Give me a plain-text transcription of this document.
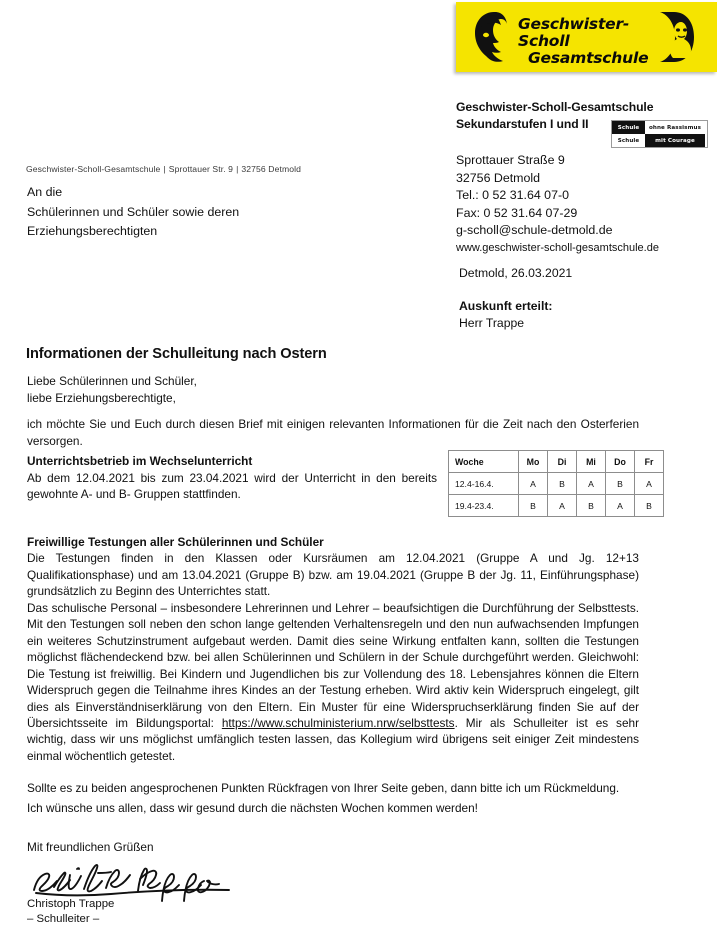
Geschwister-Scholl
Gesamtschule
Geschwister-Scholl-Gesamtschule
Sekundarstufen I und II	Schule	ohne Rassismus
Schule	mit Courage
Sprottauer Straße 9
32756 Detmold
Tel.: 0 52 31.64 07-0
Fax: 0 52 31.64 07-29
g-scholl@schule-detmold.de
www.geschwister-scholl-gesamtschule.de
Detmold, 26.03.2021
Auskunft erteilt:
Herr Trappe
Geschwister-Scholl-Gesamtschule | Sprottauer Str. 9 | 32756 Detmold
An die
Schülerinnen und Schüler sowie deren
Erziehungsberechtigten
Informationen der Schulleitung nach Ostern
Liebe Schülerinnen und Schüler,
liebe Erziehungsberechtigte,
ich möchte Sie und Euch durch diesen Brief mit einigen relevanten Informationen für die Zeit nach den Osterferien versorgen.
Unterrichtsbetrieb im Wechselunterricht
Ab dem 12.04.2021 bis zum 23.04.2021 wird der Unterricht in den bereits gewohnte A- und B- Gruppen stattfinden.
Woche	Mo	Di	Mi	Do	Fr
12.4-16.4.	A	B	A	B	A
19.4-23.4.	B	A	B	A	B
Freiwillige Testungen aller Schülerinnen und Schüler

Die Testungen finden in den Klassen oder Kursräumen am 12.04.2021 (Gruppe A und Jg. 12+13 Qualifikationsphase) und am 13.04.2021 (Gruppe B) bzw. am 19.04.2021 (Gruppe B der Jg. 11, Einführungsphase) grundsätzlich zu Beginn des Unterrichtes statt.

Das schulische Personal – insbesondere Lehrerinnen und Lehrer – beaufsichtigen die Durchführung der Selbsttests. Mit den Testungen soll neben den schon lange geltenden Verhaltensregeln und den nun aufwachsenden Impfungen ein weiteres Schutzinstrument aufgebaut werden. Damit dies seine Wirkung entfalten kann, sollten die Testungen möglichst flächendeckend bzw. bei allen Schülerinnen und Schülern in der Schule durchgeführt werden. Gleichwohl: Die Testung ist freiwillig. Bei Kindern und Jugendlichen bis zur Vollendung des 18. Lebensjahres können die Eltern Widerspruch gegen die Teilnahme ihres Kindes an der Testung erheben. Wird aktiv kein Widerspruch eingelegt, gilt dies als Einverständniserklärung von den Eltern. Ein Muster für eine Widerspruchserklärung finden Sie auf der Übersichtsseite im Bildungsportal: https://www.schulministerium.nrw/selbsttests. Mir als Schulleiter ist es sehr wichtig, dass wir uns möglichst umfänglich testen lassen, das Kollegium wird übrigens seit einiger Zeit mindestens einmal wöchentlich getestet.

Sollte es zu beiden angesprochenen Punkten Rückfragen von Ihrer Seite geben, dann bitte ich um Rückmeldung.
Ich wünsche uns allen, dass wir gesund durch die nächsten Wochen kommen werden!
Mit freundlichen Grüßen
Christoph Trappe
– Schulleiter –
